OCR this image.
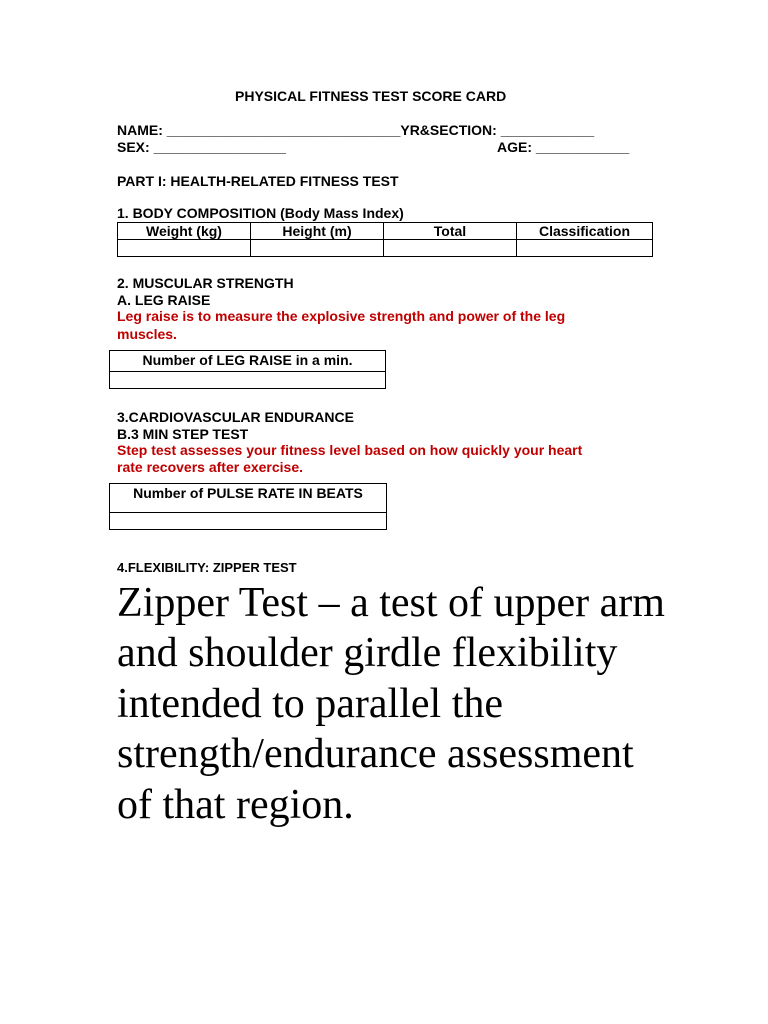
PHYSICAL FITNESS TEST SCORE CARD
NAME: ______________________________YR&SECTION: ____________
SEX: _________________	AGE: ____________
PART I: HEALTH-RELATED FITNESS TEST
1. BODY COMPOSITION (Body Mass Index)
Weight (kg)	Height (m)	Total	Classification

2. MUSCULAR STRENGTH
A. LEG RAISE
Leg raise is to measure the explosive strength and power of the leg
muscles.
Number of LEG RAISE in a min.

3.CARDIOVASCULAR ENDURANCE
B.3 MIN STEP TEST
Step test assesses your fitness level based on how quickly your heart
rate recovers after exercise.
Number of PULSE RATE IN BEATS

4.FLEXIBILITY: ZIPPER TEST
Zipper Test – a test of upper arm and shoulder girdle flexibility intended to parallel the strength/endurance assessment of that region.
